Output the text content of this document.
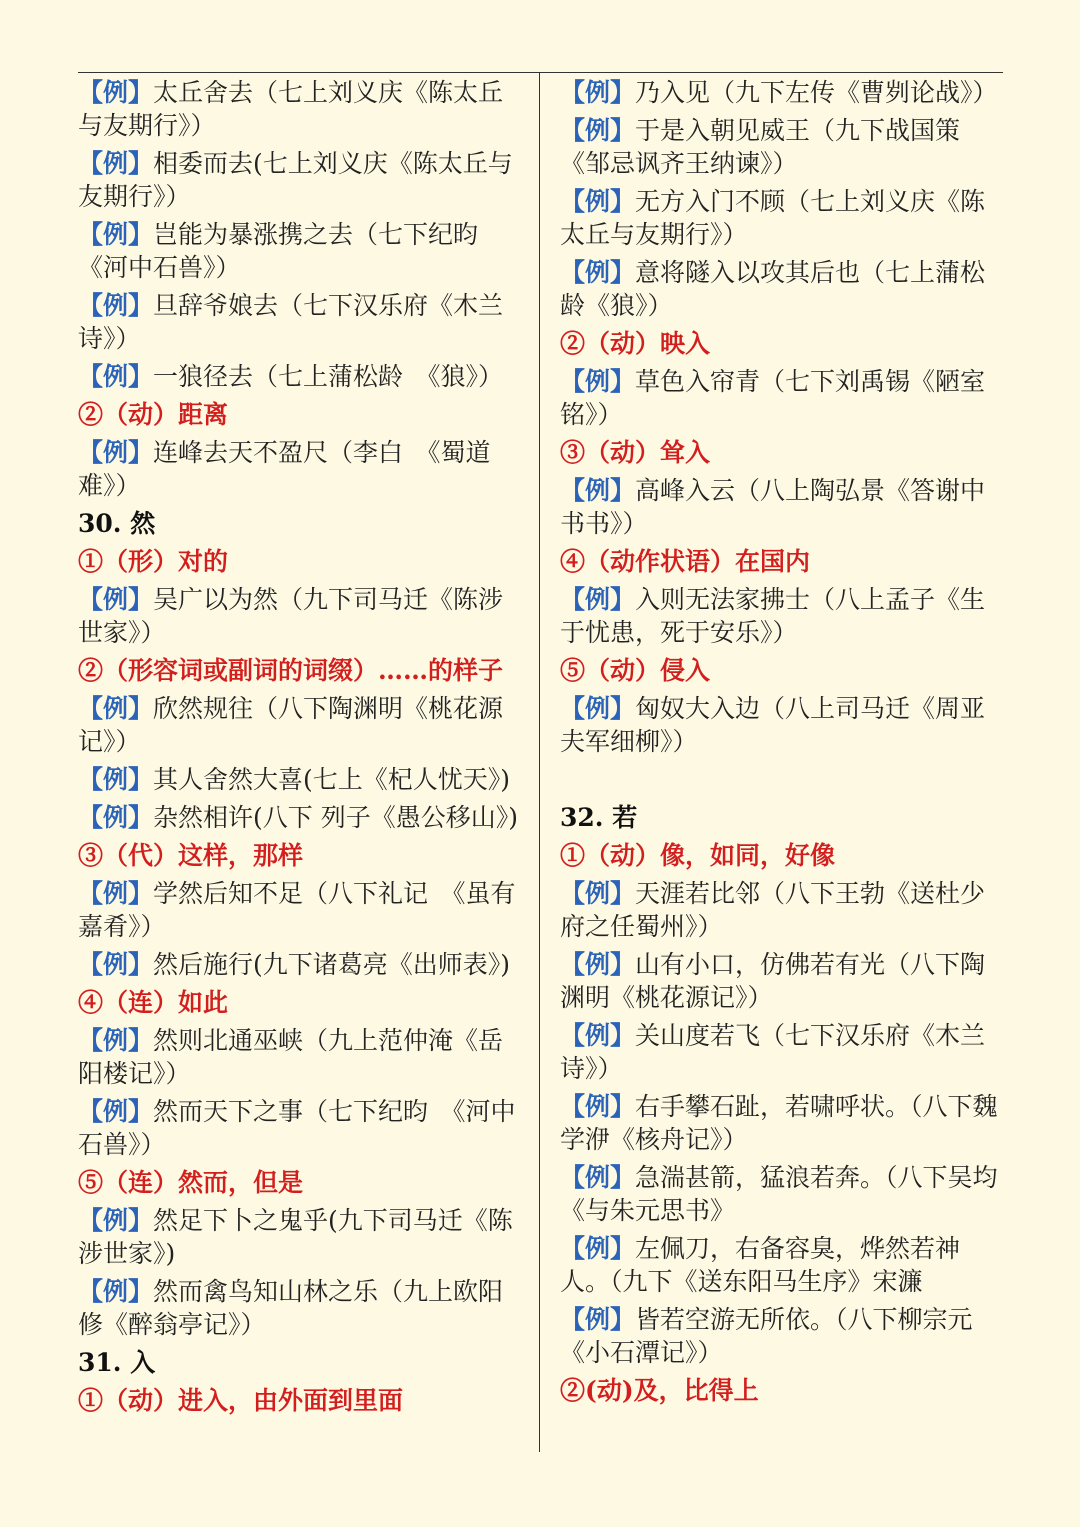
【例】太丘舍去（七上刘义庆《陈太丘与友期行》）
【例】相委而去(七上刘义庆《陈太丘与友期行》）
【例】岂能为暴涨携之去（七下纪昀《河中石兽》）
【例】旦辞爷娘去（七下汉乐府《木兰诗》）
【例】一狼径去（七上蒲松龄　《狼》）
②（动）距离
【例】连峰去天不盈尺（李白　《蜀道难》）
30. 然
①（形）对的
【例】吴广以为然（九下司马迁《陈涉世家》）
②（形容词或副词的词缀）……的样子
【例】欣然规往（八下陶渊明《桃花源记》）
【例】其人舍然大喜(七上《杞人忧天》)
【例】杂然相许(八下 列子《愚公移山》)
③（代）这样，那样
【例】学然后知不足（八下礼记　《虽有嘉肴》）
【例】然后施行(九下诸葛亮《出师表》)
④（连）如此
【例】然则北通巫峡（九上范仲淹《岳阳楼记》）
【例】然而天下之事（七下纪昀　《河中石兽》）
⑤（连）然而，但是
【例】然足下卜之鬼乎(九下司马迁《陈涉世家》)
【例】然而禽鸟知山林之乐（九上欧阳修《醉翁亭记》）
31. 入
①（动）进入，由外面到里面
【例】乃入见（九下左传《曹刿论战》）
【例】于是入朝见威王（九下战国策《邹忌讽齐王纳谏》）
【例】无方入门不顾（七上刘义庆《陈太丘与友期行》）
【例】意将隧入以攻其后也（七上蒲松龄《狼》）
②（动）映入
【例】草色入帘青（七下刘禹锡《陋室铭》）
③（动）耸入
【例】高峰入云（八上陶弘景《答谢中书书》）
④（动作状语）在国内
【例】入则无法家拂士（八上孟子《生于忧患，死于安乐》）
⑤（动）侵入
【例】匈奴大入边（八上司马迁《周亚夫军细柳》）
32. 若
①（动）像，如同，好像
【例】天涯若比邻（八下王勃《送杜少府之任蜀州》）
【例】山有小口，仿佛若有光（八下陶渊明《桃花源记》）
【例】关山度若飞（七下汉乐府《木兰诗》）
【例】右手攀石趾，若啸呼状。（八下魏学洢《核舟记》）
【例】急湍甚箭，猛浪若奔。（八下吴均《与朱元思书》
【例】左佩刀，右备容臭，烨然若神人。（九下《送东阳马生序》宋濂
【例】皆若空游无所依。（八下柳宗元《小石潭记》）
②(动)及，比得上
